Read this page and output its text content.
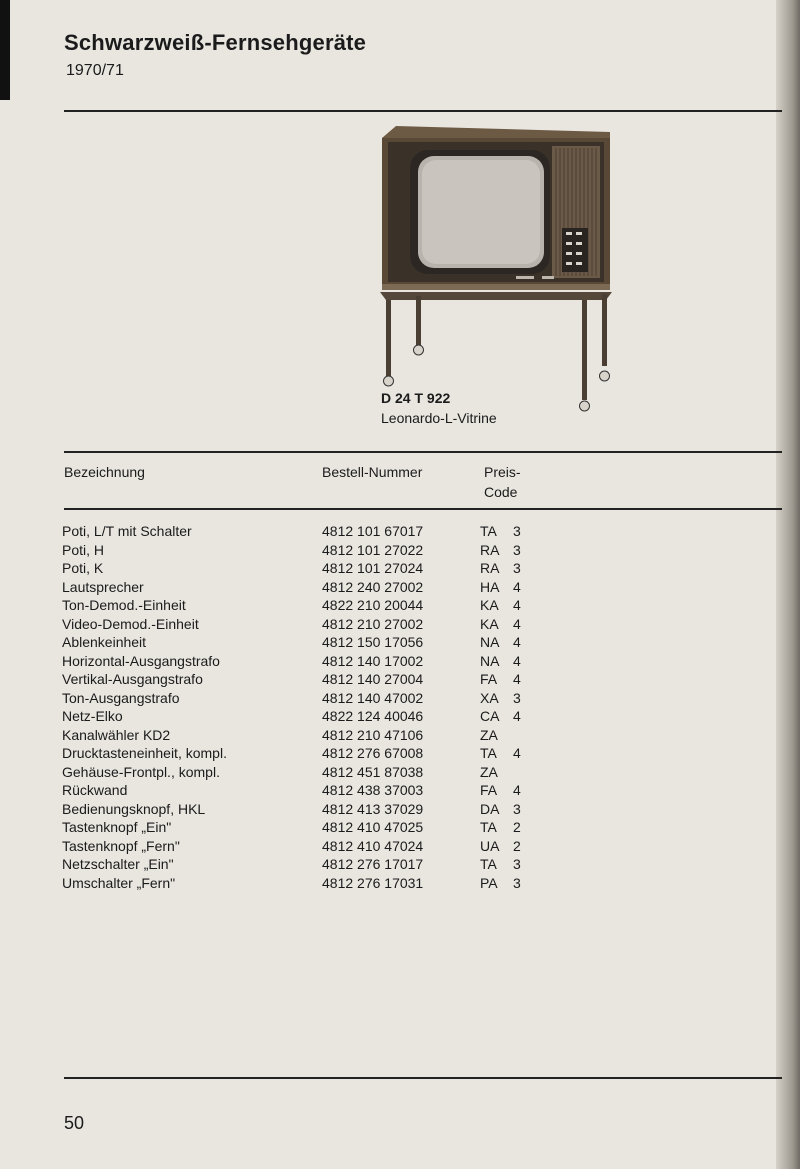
Schwarzweiß-Fernsehgeräte
1970/71
D 24 T 922
Leonardo-L-Vitrine
Bezeichnung	Bestell-Nummer	Preis-
Code
Poti, L/T mit Schalter	4812 101 67017	TA 3
Poti, H	4812 101 27022	RA 3
Poti, K	4812 101 27024	RA 3
Lautsprecher	4812 240 27002	HA 4
Ton-Demod.-Einheit	4822 210 20044	KA 4
Video-Demod.-Einheit	4812 210 27002	KA 4
Ablenkeinheit	4812 150 17056	NA 4
Horizontal-Ausgangstrafo	4812 140 17002	NA 4
Vertikal-Ausgangstrafo	4812 140 27004	FA 4
Ton-Ausgangstrafo	4812 140 47002	XA 3
Netz-Elko	4822 124 40046	CA 4
Kanalwähler KD2	4812 210 47106	ZA
Drucktasteneinheit, kompl.	4812 276 67008	TA 4
Gehäuse-Frontpl., kompl.	4812 451 87038	ZA
Rückwand	4812 438 37003	FA 4
Bedienungsknopf, HKL	4812 413 37029	DA 3
Tastenknopf „Ein"	4812 410 47025	TA 2
Tastenknopf „Fern"	4812 410 47024	UA 2
Netzschalter „Ein"	4812 276 17017	TA 3
Umschalter „Fern"	4812 276 17031	PA 3
50
